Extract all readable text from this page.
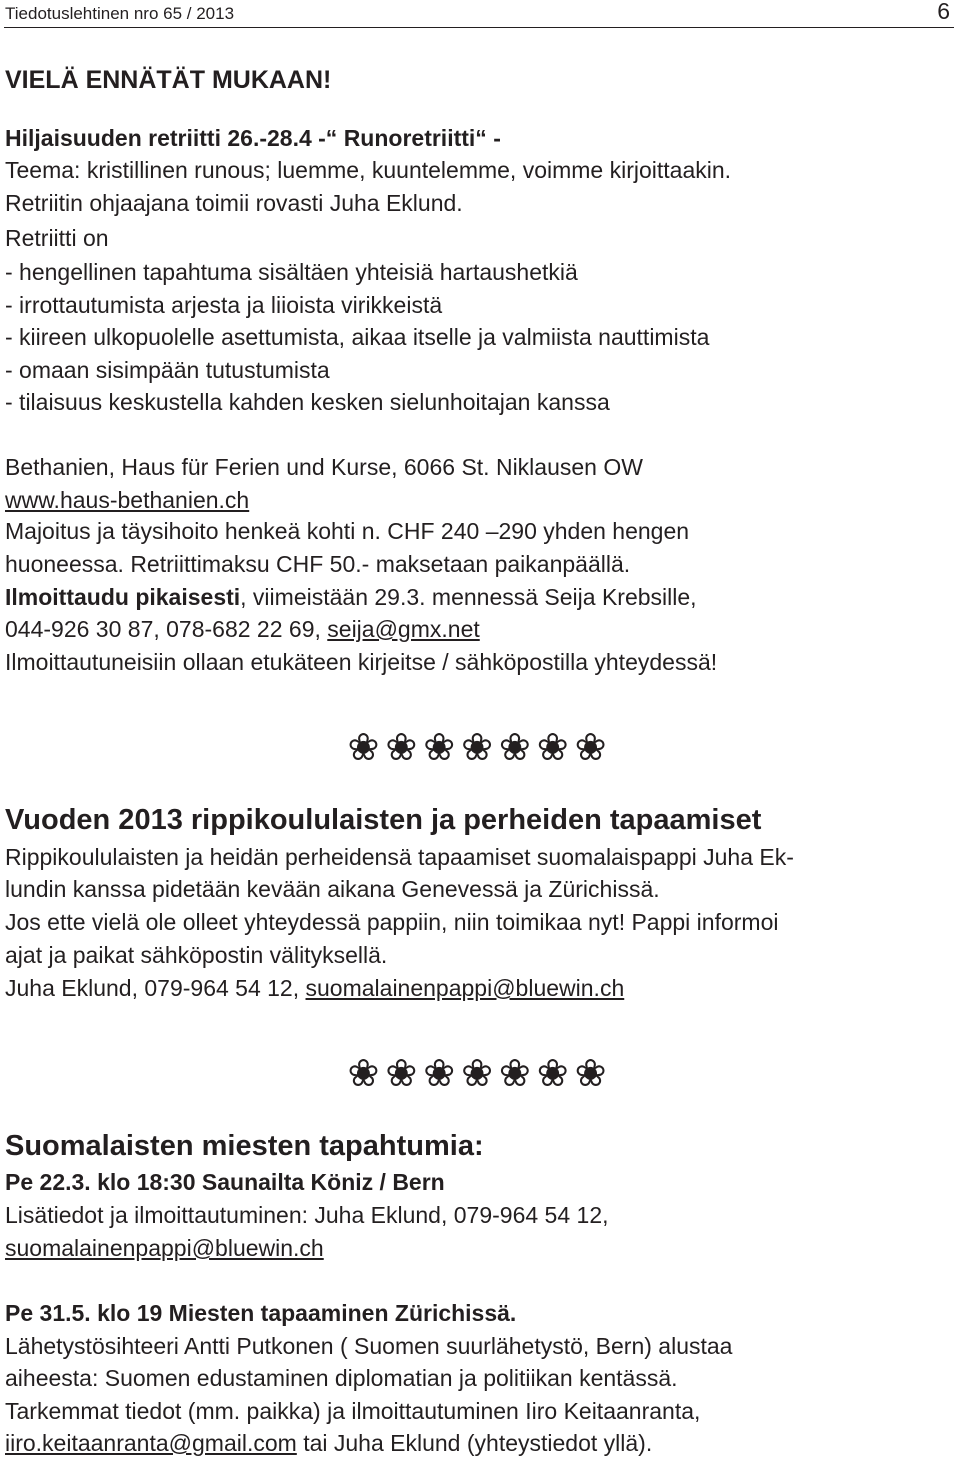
Tiedotuslehtinen nro 65 / 2013	6
VIELÄ ENNÄTÄT MUKAAN!
Hiljaisuuden retriitti 26.-28.4 -“ Runoretriitti“ -
Teema: kristillinen runous; luemme, kuuntelemme, voimme kirjoittaakin.
Retriitin ohjaajana toimii rovasti Juha Eklund.
Retriitti on
- hengellinen tapahtuma sisältäen yhteisiä hartaushetkiä
- irrottautumista arjesta ja liioista virikkeistä
- kiireen ulkopuolelle asettumista, aikaa itselle ja valmiista nauttimista
- omaan sisimpään tutustumista
- tilaisuus keskustella kahden kesken sielunhoitajan kanssa
Bethanien, Haus für Ferien und Kurse, 6066 St. Niklausen OW
www.haus-bethanien.ch
Majoitus ja täysihoito henkeä kohti n. CHF 240 –290 yhden hengen
huoneessa. Retriittimaksu CHF 50.- maksetaan paikanpäällä.
Ilmoittaudu pikaisesti, viimeistään 29.3. mennessä Seija Krebsille,
044-926 30 87, 078-682 22 69, seija@gmx.net
Ilmoittautuneisiin ollaan etukäteen kirjeitse / sähköpostilla yhteydessä!
❀❀❀❀❀❀❀
Vuoden 2013 rippikoululaisten ja perheiden tapaamiset
Rippikoululaisten ja heidän perheidensä tapaamiset suomalaispappi Juha Ek-
lundin kanssa pidetään kevään aikana Genevessä ja Zürichissä.
Jos ette vielä ole olleet yhteydessä pappiin, niin toimikaa nyt! Pappi informoi
ajat ja paikat sähköpostin välityksellä.
Juha Eklund, 079-964 54 12, suomalainenpappi@bluewin.ch
❀❀❀❀❀❀❀
Suomalaisten miesten tapahtumia:
Pe 22.3. klo 18:30 Saunailta Köniz / Bern
Lisätiedot ja ilmoittautuminen: Juha Eklund, 079-964 54 12,
suomalainenpappi@bluewin.ch
Pe 31.5. klo 19 Miesten tapaaminen Zürichissä.
Lähetystösihteeri Antti Putkonen ( Suomen suurlähetystö, Bern) alustaa
aiheesta: Suomen edustaminen diplomatian ja politiikan kentässä.
Tarkemmat tiedot (mm. paikka) ja ilmoittautuminen Iiro Keitaanranta,
iiro.keitaanranta@gmail.com tai Juha Eklund (yhteystiedot yllä).
